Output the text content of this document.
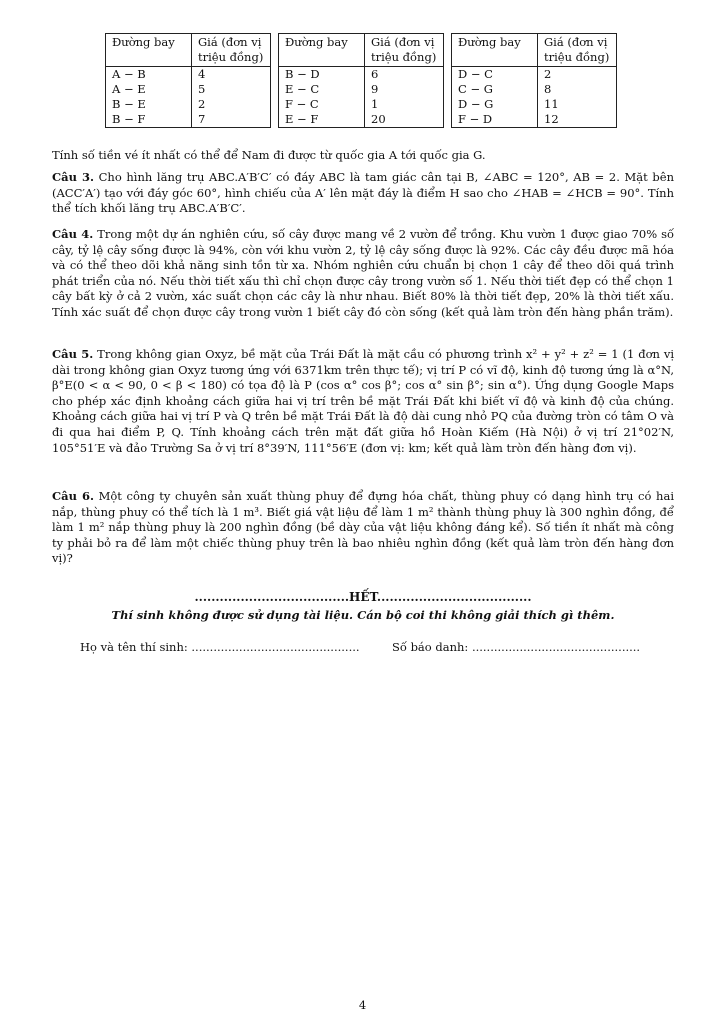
Đường bay	Giá (đơn vị triệu đồng)
A − B	4
A − E	5
B − E	2
B − F	7
Đường bay	Giá (đơn vị triệu đồng)
B − D	6
E − C	9
F − C	1
E − F	20
Đường bay	Giá (đơn vị triệu đồng)
D − C	2
C − G	8
D − G	11
F − D	12

Tính số tiền vé ít nhất có thể để Nam đi được từ quốc gia A tới quốc gia G.

Câu 3. Cho hình lăng trụ ABC.A′B′C′ có đáy ABC là tam giác cân tại B, ∠ABC = 120°, AB = 2. Mặt bên (ACC′A′) tạo với đáy góc 60°, hình chiếu của A′ lên mặt đáy là điểm H sao cho ∠HAB = ∠HCB = 90°. Tính thể tích khối lăng trụ ABC.A′B′C′.

Câu 4. Trong một dự án nghiên cứu, số cây được mang về 2 vườn để trồng. Khu vườn 1 được giao 70% số cây, tỷ lệ cây sống được là 94%, còn với khu vườn 2, tỷ lệ cây sống được là 92%. Các cây đều được mã hóa và có thể theo dõi khả năng sinh tồn từ xa. Nhóm nghiên cứu chuẩn bị chọn 1 cây để theo dõi quá trình phát triển của nó. Nếu thời tiết xấu thì chỉ chọn được cây trong vườn số 1. Nếu thời tiết đẹp có thể chọn 1 cây bất kỳ ở cả 2 vườn, xác suất chọn các cây là như nhau. Biết 80% là thời tiết đẹp, 20% là thời tiết xấu. Tính xác suất để chọn được cây trong vườn 1 biết cây đó còn sống (kết quả làm tròn đến hàng phần trăm).

Câu 5. Trong không gian Oxyz, bề mặt của Trái Đất là mặt cầu có phương trình x² + y² + z² = 1 (1 đơn vị dài trong không gian Oxyz tương ứng với 6371km trên thực tế); vị trí P có vĩ độ, kinh độ tương ứng là α°N, β°E(0 < α < 90, 0 < β < 180) có tọa độ là P (cos α° cos β°; cos α° sin β°; sin α°). Ứng dụng Google Maps cho phép xác định khoảng cách giữa hai vị trí trên bề mặt Trái Đất khi biết vĩ độ và kinh độ của chúng. Khoảng cách giữa hai vị trí P và Q trên bề mặt Trái Đất là độ dài cung nhỏ PQ của đường tròn có tâm O và đi qua hai điểm P, Q. Tính khoảng cách trên mặt đất giữa hồ Hoàn Kiếm (Hà Nội) ở vị trí 21°02′N, 105°51′E và đảo Trường Sa ở vị trí 8°39′N, 111°56′E (đơn vị: km; kết quả làm tròn đến hàng đơn vị).

Câu 6. Một công ty chuyên sản xuất thùng phuy để đựng hóa chất, thùng phuy có dạng hình trụ có hai nắp, thùng phuy có thể tích là 1 m³. Biết giá vật liệu để làm 1 m² thành thùng phuy là 300 nghìn đồng, để làm 1 m² nắp thùng phuy là 200 nghìn đồng (bề dày của vật liệu không đáng kể). Số tiền ít nhất mà công ty phải bỏ ra để làm một chiếc thùng phuy trên là bao nhiêu nghìn đồng (kết quả làm tròn đến hàng đơn vị)?

.....................................HẾT.....................................
Thí sinh không được sử dụng tài liệu. Cán bộ coi thi không giải thích gì thêm.
Họ và tên thí sinh: ..............................................	Số báo danh: ..............................................
4
